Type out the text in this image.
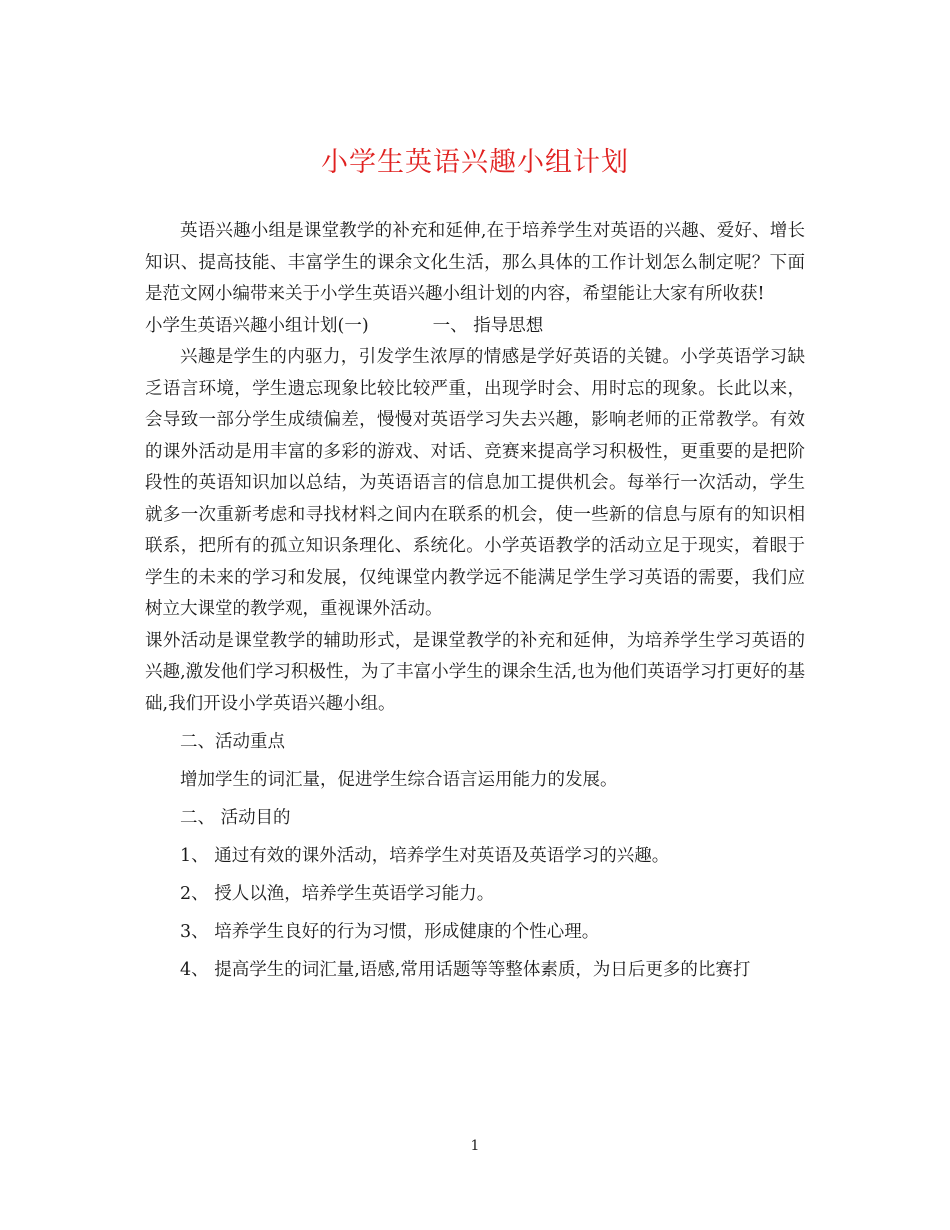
小学生英语兴趣小组计划

英语兴趣小组是课堂教学的补充和延伸,在于培养学生对英语的兴趣、爱好、增长知识、提高技能、丰富学生的课余文化生活，那么具体的工作计划怎么制定呢？下面是范文网小编带来关于小学生英语兴趣小组计划的内容，希望能让大家有所收获!

小学生英语兴趣小组计划(一)	一、 指导思想

兴趣是学生的内驱力，引发学生浓厚的情感是学好英语的关键。小学英语学习缺乏语言环境，学生遗忘现象比较比较严重，出现学时会、用时忘的现象。长此以来，会导致一部分学生成绩偏差，慢慢对英语学习失去兴趣，影响老师的正常教学。有效的课外活动是用丰富的多彩的游戏、对话、竞赛来提高学习积极性，更重要的是把阶段性的英语知识加以总结，为英语语言的信息加工提供机会。每举行一次活动，学生就多一次重新考虑和寻找材料之间内在联系的机会，使一些新的信息与原有的知识相联系，把所有的孤立知识条理化、系统化。小学英语教学的活动立足于现实，着眼于学生的未来的学习和发展，仅纯课堂内教学远不能满足学生学习英语的需要，我们应树立大课堂的教学观，重视课外活动。

课外活动是课堂教学的辅助形式，是课堂教学的补充和延伸，为培养学生学习英语的兴趣,激发他们学习积极性，为了丰富小学生的课余生活,也为他们英语学习打更好的基础,我们开设小学英语兴趣小组。

二、活动重点

增加学生的词汇量，促进学生综合语言运用能力的发展。

二、 活动目的

1、 通过有效的课外活动，培养学生对英语及英语学习的兴趣。

2、 授人以渔，培养学生英语学习能力。

3、 培养学生良好的行为习惯，形成健康的个性心理。

4、 提高学生的词汇量,语感,常用话题等等整体素质，为日后更多的比赛打

1
